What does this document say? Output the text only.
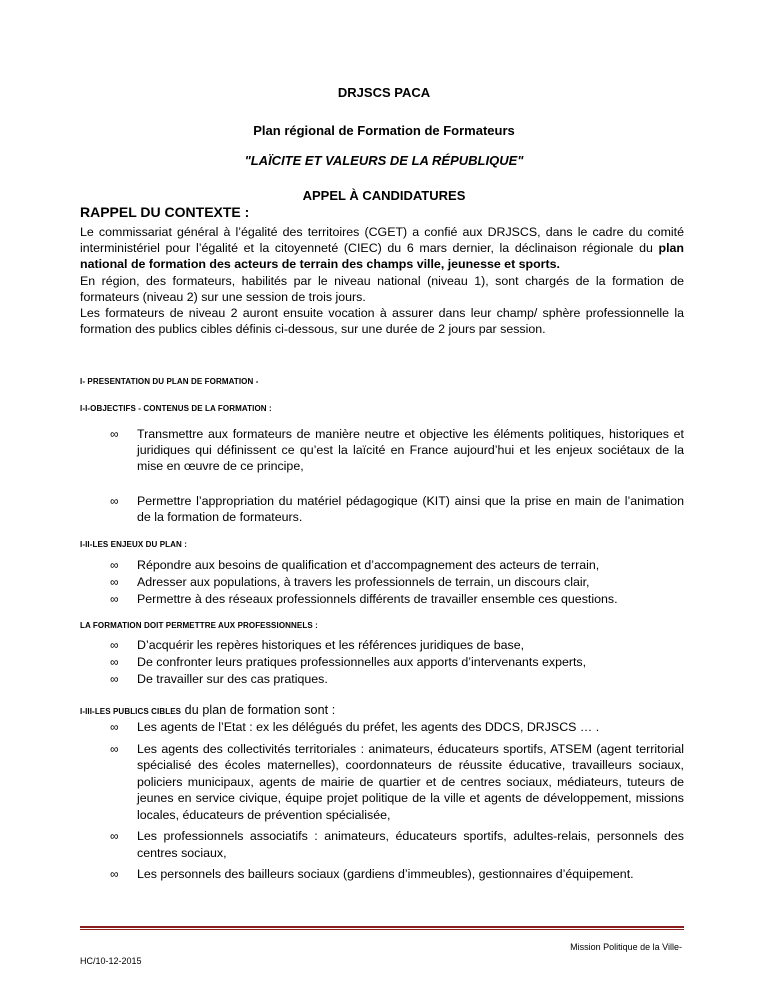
DRJSCS PACA
Plan régional de Formation de Formateurs
"LAÏCITE ET VALEURS DE LA RÉPUBLIQUE"
APPEL À CANDIDATURES
RAPPEL DU CONTEXTE :

Le commissariat général à l’égalité des territoires (CGET) a confié aux DRJSCS, dans le cadre du comité interministériel pour l’égalité et la citoyenneté (CIEC) du 6 mars dernier, la déclinaison régionale du plan national de formation des acteurs de terrain des champs ville, jeunesse et sports.

En région, des formateurs, habilités par le niveau national (niveau 1), sont chargés de la formation de formateurs (niveau 2) sur une session de trois jours.

Les formateurs de niveau 2 auront ensuite vocation à assurer dans leur champ/ sphère professionnelle la formation des publics cibles définis ci-dessous, sur une durée de 2 jours par session.

I- PRESENTATION DU PLAN DE FORMATION -
I-I-OBJECTIFS - CONTENUS DE LA FORMATION :
∞ Transmettre aux formateurs de manière neutre et objective les éléments politiques, historiques et juridiques qui définissent ce qu’est la laïcité en France aujourd’hui et les enjeux sociétaux de la mise en œuvre de ce principe,
∞ Permettre l’appropriation du matériel pédagogique (KIT) ainsi que la prise en main de l’animation de la formation de formateurs.
I-II-LES ENJEUX DU PLAN :
∞ Répondre aux besoins de qualification et d’accompagnement des acteurs de terrain,
∞ Adresser aux populations, à travers les professionnels de terrain, un discours clair,
∞ Permettre à des réseaux professionnels différents de travailler ensemble ces questions.
LA FORMATION DOIT PERMETTRE AUX PROFESSIONNELS :
∞ D’acquérir les repères historiques et les références juridiques de base,
∞ De confronter leurs pratiques professionnelles aux apports d’intervenants experts,
∞ De travailler sur des cas pratiques.
I-III-LES PUBLICS CIBLES du plan de formation sont :
∞ Les agents de l’Etat : ex les délégués du préfet, les agents des DDCS, DRJSCS … .
∞ Les agents des collectivités territoriales : animateurs, éducateurs sportifs, ATSEM (agent territorial spécialisé des écoles maternelles), coordonnateurs de réussite éducative, travailleurs sociaux, policiers municipaux, agents de mairie de quartier et de centres sociaux, médiateurs, tuteurs de jeunes en service civique, équipe projet politique de la ville et agents de développement, missions locales, éducateurs de prévention spécialisée,
∞ Les professionnels associatifs : animateurs, éducateurs sportifs, adultes-relais, personnels des centres sociaux,
∞ Les personnels des bailleurs sociaux (gardiens d’immeubles), gestionnaires d’équipement.
Mission Politique de la Ville-
HC/10-12-2015
